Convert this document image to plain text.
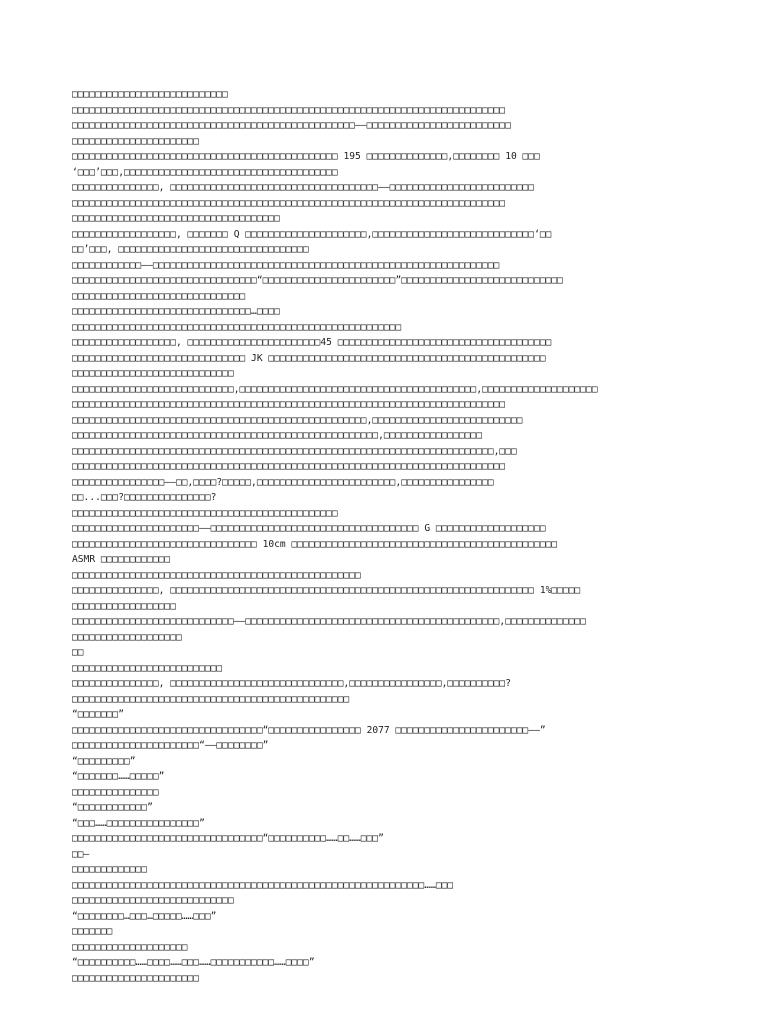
□□□□□□□□□□□□□□□□□□□□□□□□□□□
□□□□□□□□□□□□□□□□□□□□□□□□□□□□□□□□□□□□□□□□□□□□□□□□□□□□□□□□□□□□□□□□□□□□□□□□□□□
□□□□□□□□□□□□□□□□□□□□□□□□□□□□□□□□□□□□□□□□□□□□□□□□□——□□□□□□□□□□□□□□□□□□□□□□□□□
□□□□□□□□□□□□□□□□□□□□□□
□□□□□□□□□□□□□□□□□□□□□□□□□□□□□□□□□□□□□□□□□□□□□□ 195 □□□□□□□□□□□□□□,□□□□□□□□ 10 □□□
‘□□□’□□□,□□□□□□□□□□□□□□□□□□□□□□□□□□□□□□□□□□□□□
□□□□□□□□□□□□□□□, □□□□□□□□□□□□□□□□□□□□□□□□□□□□□□□□□□□□——□□□□□□□□□□□□□□□□□□□□□□□□□
□□□□□□□□□□□□□□□□□□□□□□□□□□□□□□□□□□□□□□□□□□□□□□□□□□□□□□□□□□□□□□□□□□□□□□□□□□□
□□□□□□□□□□□□□□□□□□□□□□□□□□□□□□□□□□□□
□□□□□□□□□□□□□□□□□□, □□□□□□□ Q □□□□□□□□□□□□□□□□□□□□□,□□□□□□□□□□□□□□□□□□□□□□□□□□□□‘□□
□□’□□□, □□□□□□□□□□□□□□□□□□□□□□□□□□□□□□□□□
□□□□□□□□□□□□——□□□□□□□□□□□□□□□□□□□□□□□□□□□□□□□□□□□□□□□□□□□□□□□□□□□□□□□□□□□□
□□□□□□□□□□□□□□□□□□□□□□□□□□□□□□□□“□□□□□□□□□□□□□□□□□□□□□□□”□□□□□□□□□□□□□□□□□□□□□□□□□□□□
□□□□□□□□□□□□□□□□□□□□□□□□□□□□□□
□□□□□□□□□□□□□□□□□□□□□□□□□□□□□□□…□□□□
□□□□□□□□□□□□□□□□□□□□□□□□□□□□□□□□□□□□□□□□□□□□□□□□□□□□□□□□□
□□□□□□□□□□□□□□□□□□, □□□□□□□□□□□□□□□□□□□□□□□45 □□□□□□□□□□□□□□□□□□□□□□□□□□□□□□□□□□□□□
□□□□□□□□□□□□□□□□□□□□□□□□□□□□□□ JK □□□□□□□□□□□□□□□□□□□□□□□□□□□□□□□□□□□□□□□□□□□□□□□□
□□□□□□□□□□□□□□□□□□□□□□□□□□□□
□□□□□□□□□□□□□□□□□□□□□□□□□□□□,□□□□□□□□□□□□□□□□□□□□□□□□□□□□□□□□□□□□□□□□□,□□□□□□□□□□□□□□□□□□□□
□□□□□□□□□□□□□□□□□□□□□□□□□□□□□□□□□□□□□□□□□□□□□□□□□□□□□□□□□□□□□□□□□□□□□□□□□□□
□□□□□□□□□□□□□□□□□□□□□□□□□□□□□□□□□□□□□□□□□□□□□□□□□□□,□□□□□□□□□□□□□□□□□□□□□□□□□□
□□□□□□□□□□□□□□□□□□□□□□□□□□□□□□□□□□□□□□□□□□□□□□□□□□□□□,□□□□□□□□□□□□□□□□□
□□□□□□□□□□□□□□□□□□□□□□□□□□□□□□□□□□□□□□□□□□□□□□□□□□□□□□□□□□□□□□□□□□□□□□□□□,□□□
□□□□□□□□□□□□□□□□□□□□□□□□□□□□□□□□□□□□□□□□□□□□□□□□□□□□□□□□□□□□□□□□□□□□□□□□□□□
□□□□□□□□□□□□□□□□——□□,□□□□?□□□□□,□□□□□□□□□□□□□□□□□□□□□□□□,□□□□□□□□□□□□□□□□
□□...□□□?□□□□□□□□□□□□□□□?
□□□□□□□□□□□□□□□□□□□□□□□□□□□□□□□□□□□□□□□□□□□□□□
□□□□□□□□□□□□□□□□□□□□□□——□□□□□□□□□□□□□□□□□□□□□□□□□□□□□□□□□□□□ G □□□□□□□□□□□□□□□□□□□
□□□□□□□□□□□□□□□□□□□□□□□□□□□□□□□□ 10cm □□□□□□□□□□□□□□□□□□□□□□□□□□□□□□□□□□□□□□□□□□□□□□
ASMR □□□□□□□□□□□□
□□□□□□□□□□□□□□□□□□□□□□□□□□□□□□□□□□□□□□□□□□□□□□□□□□
□□□□□□□□□□□□□□□, □□□□□□□□□□□□□□□□□□□□□□□□□□□□□□□□□□□□□□□□□□□□□□□□□□□□□□□□□□□□□□□ 1%□□□□□
□□□□□□□□□□□□□□□□□□
□□□□□□□□□□□□□□□□□□□□□□□□□□□□——□□□□□□□□□□□□□□□□□□□□□□□□□□□□□□□□□□□□□□□□□□□□,□□□□□□□□□□□□□□
□□□□□□□□□□□□□□□□□□□
□□
□□□□□□□□□□□□□□□□□□□□□□□□□□
□□□□□□□□□□□□□□□, □□□□□□□□□□□□□□□□□□□□□□□□□□□□□□,□□□□□□□□□□□□□□□□,□□□□□□□□□□?
□□□□□□□□□□□□□□□□□□□□□□□□□□□□□□□□□□□□□□□□□□□□□□□□
“□□□□□□□”
□□□□□□□□□□□□□□□□□□□□□□□□□□□□□□□□□“□□□□□□□□□□□□□□□□ 2077 □□□□□□□□□□□□□□□□□□□□□□□——”
□□□□□□□□□□□□□□□□□□□□□□“——□□□□□□□□”
“□□□□□□□□□”
“□□□□□□□……□□□□□”
□□□□□□□□□□□□□□□
“□□□□□□□□□□□□”
“□□□……□□□□□□□□□□□□□□□□”
□□□□□□□□□□□□□□□□□□□□□□□□□□□□□□□□□“□□□□□□□□□□……□□……□□□”
□□—
□□□□□□□□□□□□□
□□□□□□□□□□□□□□□□□□□□□□□□□□□□□□□□□□□□□□□□□□□□□□□□□□□□□□□□□□□□□……□□□
□□□□□□□□□□□□□□□□□□□□□□□□□□□□
“□□□□□□□□…□□□…□□□□□……□□□”
□□□□□□□
□□□□□□□□□□□□□□□□□□□□
“□□□□□□□□□□……□□□□……□□□……□□□□□□□□□□□……□□□□”
□□□□□□□□□□□□□□□□□□□□□□
